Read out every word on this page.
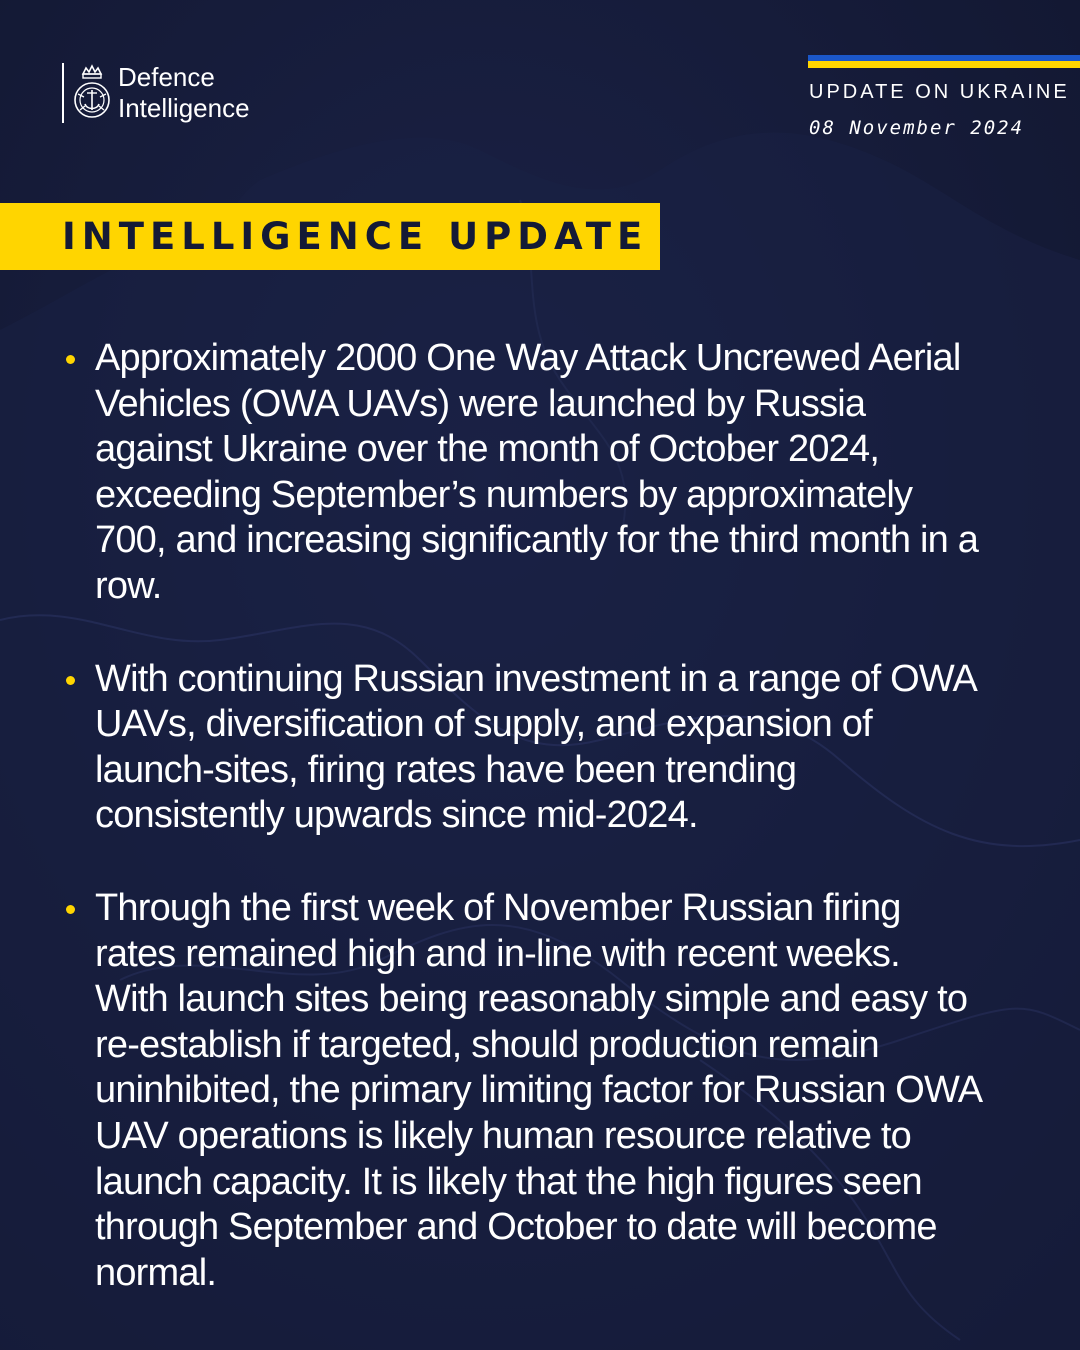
Defence
Intelligence
UPDATE ON UKRAINE
08 November 2024
INTELLIGENCE UPDATE
Approximately 2000 One Way Attack Uncrewed Aerial Vehicles (OWA UAVs) were launched by Russia against Ukraine over the month of October 2024, exceeding September’s numbers by approximately 700, and increasing significantly for the third month in a row.
With continuing Russian investment in a range of OWA UAVs, diversification of supply, and expansion of launch-sites, firing rates have been trending consistently upwards since mid-2024.
Through the first week of November Russian firing rates remained high and in-line with recent weeks. With launch sites being reasonably simple and easy to re-establish if targeted, should production remain uninhibited, the primary limiting factor for Russian OWA UAV operations is likely human resource relative to launch capacity. It is likely that the high figures seen through September and October to date will become normal.
